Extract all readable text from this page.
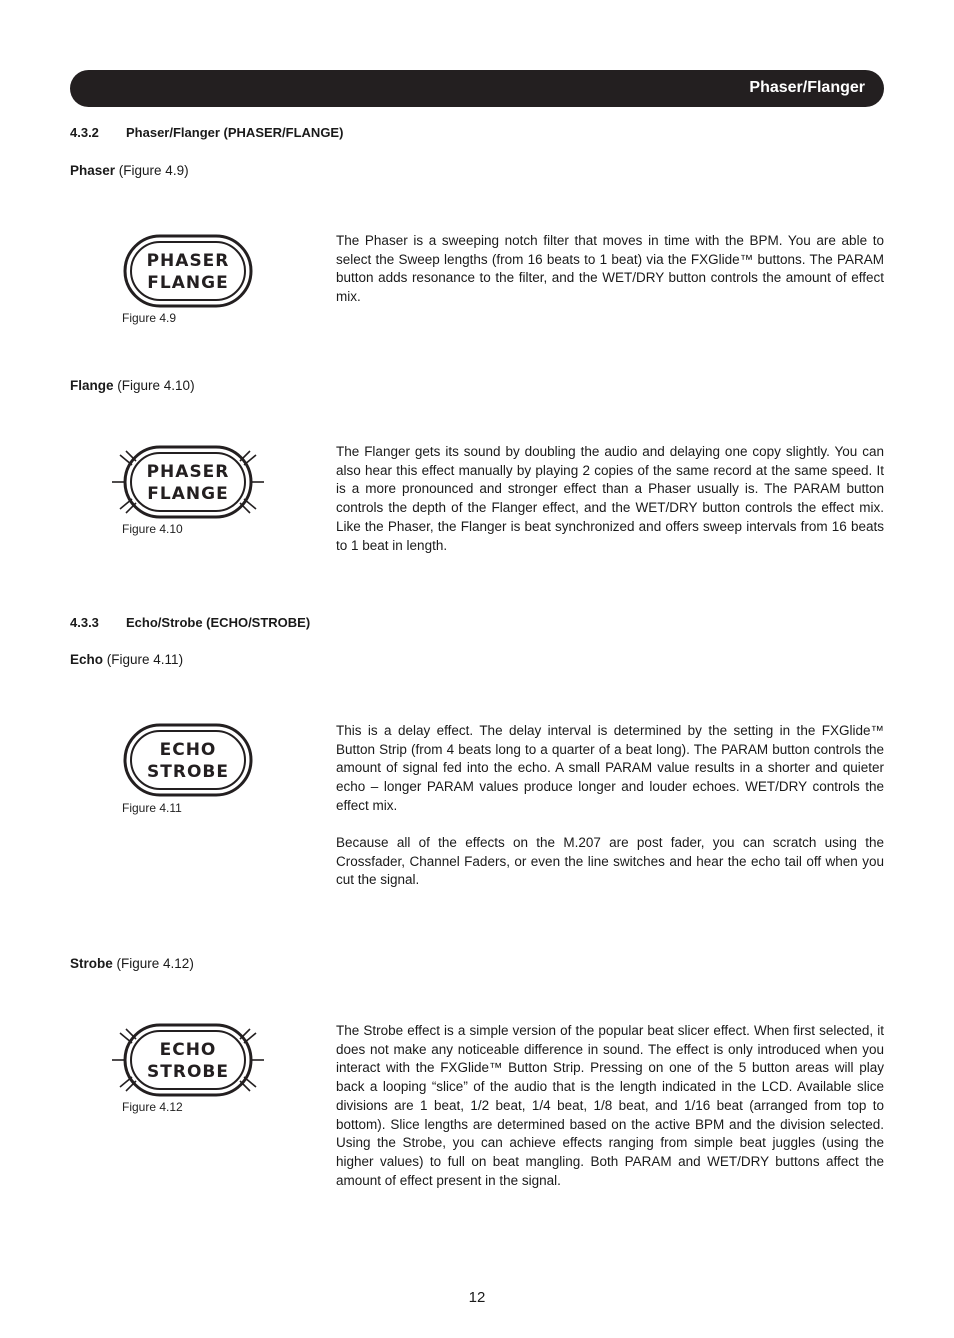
Phaser/Flanger
4.3.2 Phaser/Flanger (PHASER/FLANGE)
Phaser (Figure 4.9)
PHASER
FLANGE
Figure 4.9

The Phaser is a sweeping notch filter that moves in time with the BPM. You are able to select the Sweep lengths (from 16 beats to 1 beat) via the FXGlide™ buttons. The PARAM button adds resonance to the filter, and the WET/DRY button controls the amount of effect mix.

Flange (Figure 4.10)
PHASER
FLANGE
Figure 4.10

The Flanger gets its sound by doubling the audio and delaying one copy slightly. You can also hear this effect manually by playing 2 copies of the same record at the same speed. It is a more pronounced and stronger effect than a Phaser usually is. The PARAM button controls the depth of the Flanger effect, and the WET/DRY button controls the effect mix. Like the Phaser, the Flanger is beat synchronized and offers sweep intervals from 16 beats to 1 beat in length.

4.3.3 Echo/Strobe (ECHO/STROBE)
Echo (Figure 4.11)
ECHO
STROBE
Figure 4.11

This is a delay effect. The delay interval is determined by the setting in the FXGlide™ Button Strip (from 4 beats long to a quarter of a beat long). The PARAM button controls the amount of signal fed into the echo. A small PARAM value results in a shorter and quieter echo – longer PARAM values produce longer and louder echoes. WET/DRY controls the effect mix.

Because all of the effects on the M.207 are post fader, you can scratch using the Crossfader, Channel Faders, or even the line switches and hear the echo tail off when you cut the signal.

Strobe (Figure 4.12)
ECHO
STROBE
Figure 4.12

The Strobe effect is a simple version of the popular beat slicer effect. When first selected, it does not make any noticeable difference in sound. The effect is only introduced when you interact with the FXGlide™ Button Strip. Pressing on one of the 5 button areas will play back a looping “slice” of the audio that is the length indicated in the LCD. Available slice divisions are 1 beat, 1/2 beat, 1/4 beat, 1/8 beat, and 1/16 beat (arranged from top to bottom). Slice lengths are determined based on the active BPM and the division selected. Using the Strobe, you can achieve effects ranging from simple beat juggles (using the higher values) to full on beat mangling. Both PARAM and WET/DRY buttons affect the amount of effect present in the signal.

12
